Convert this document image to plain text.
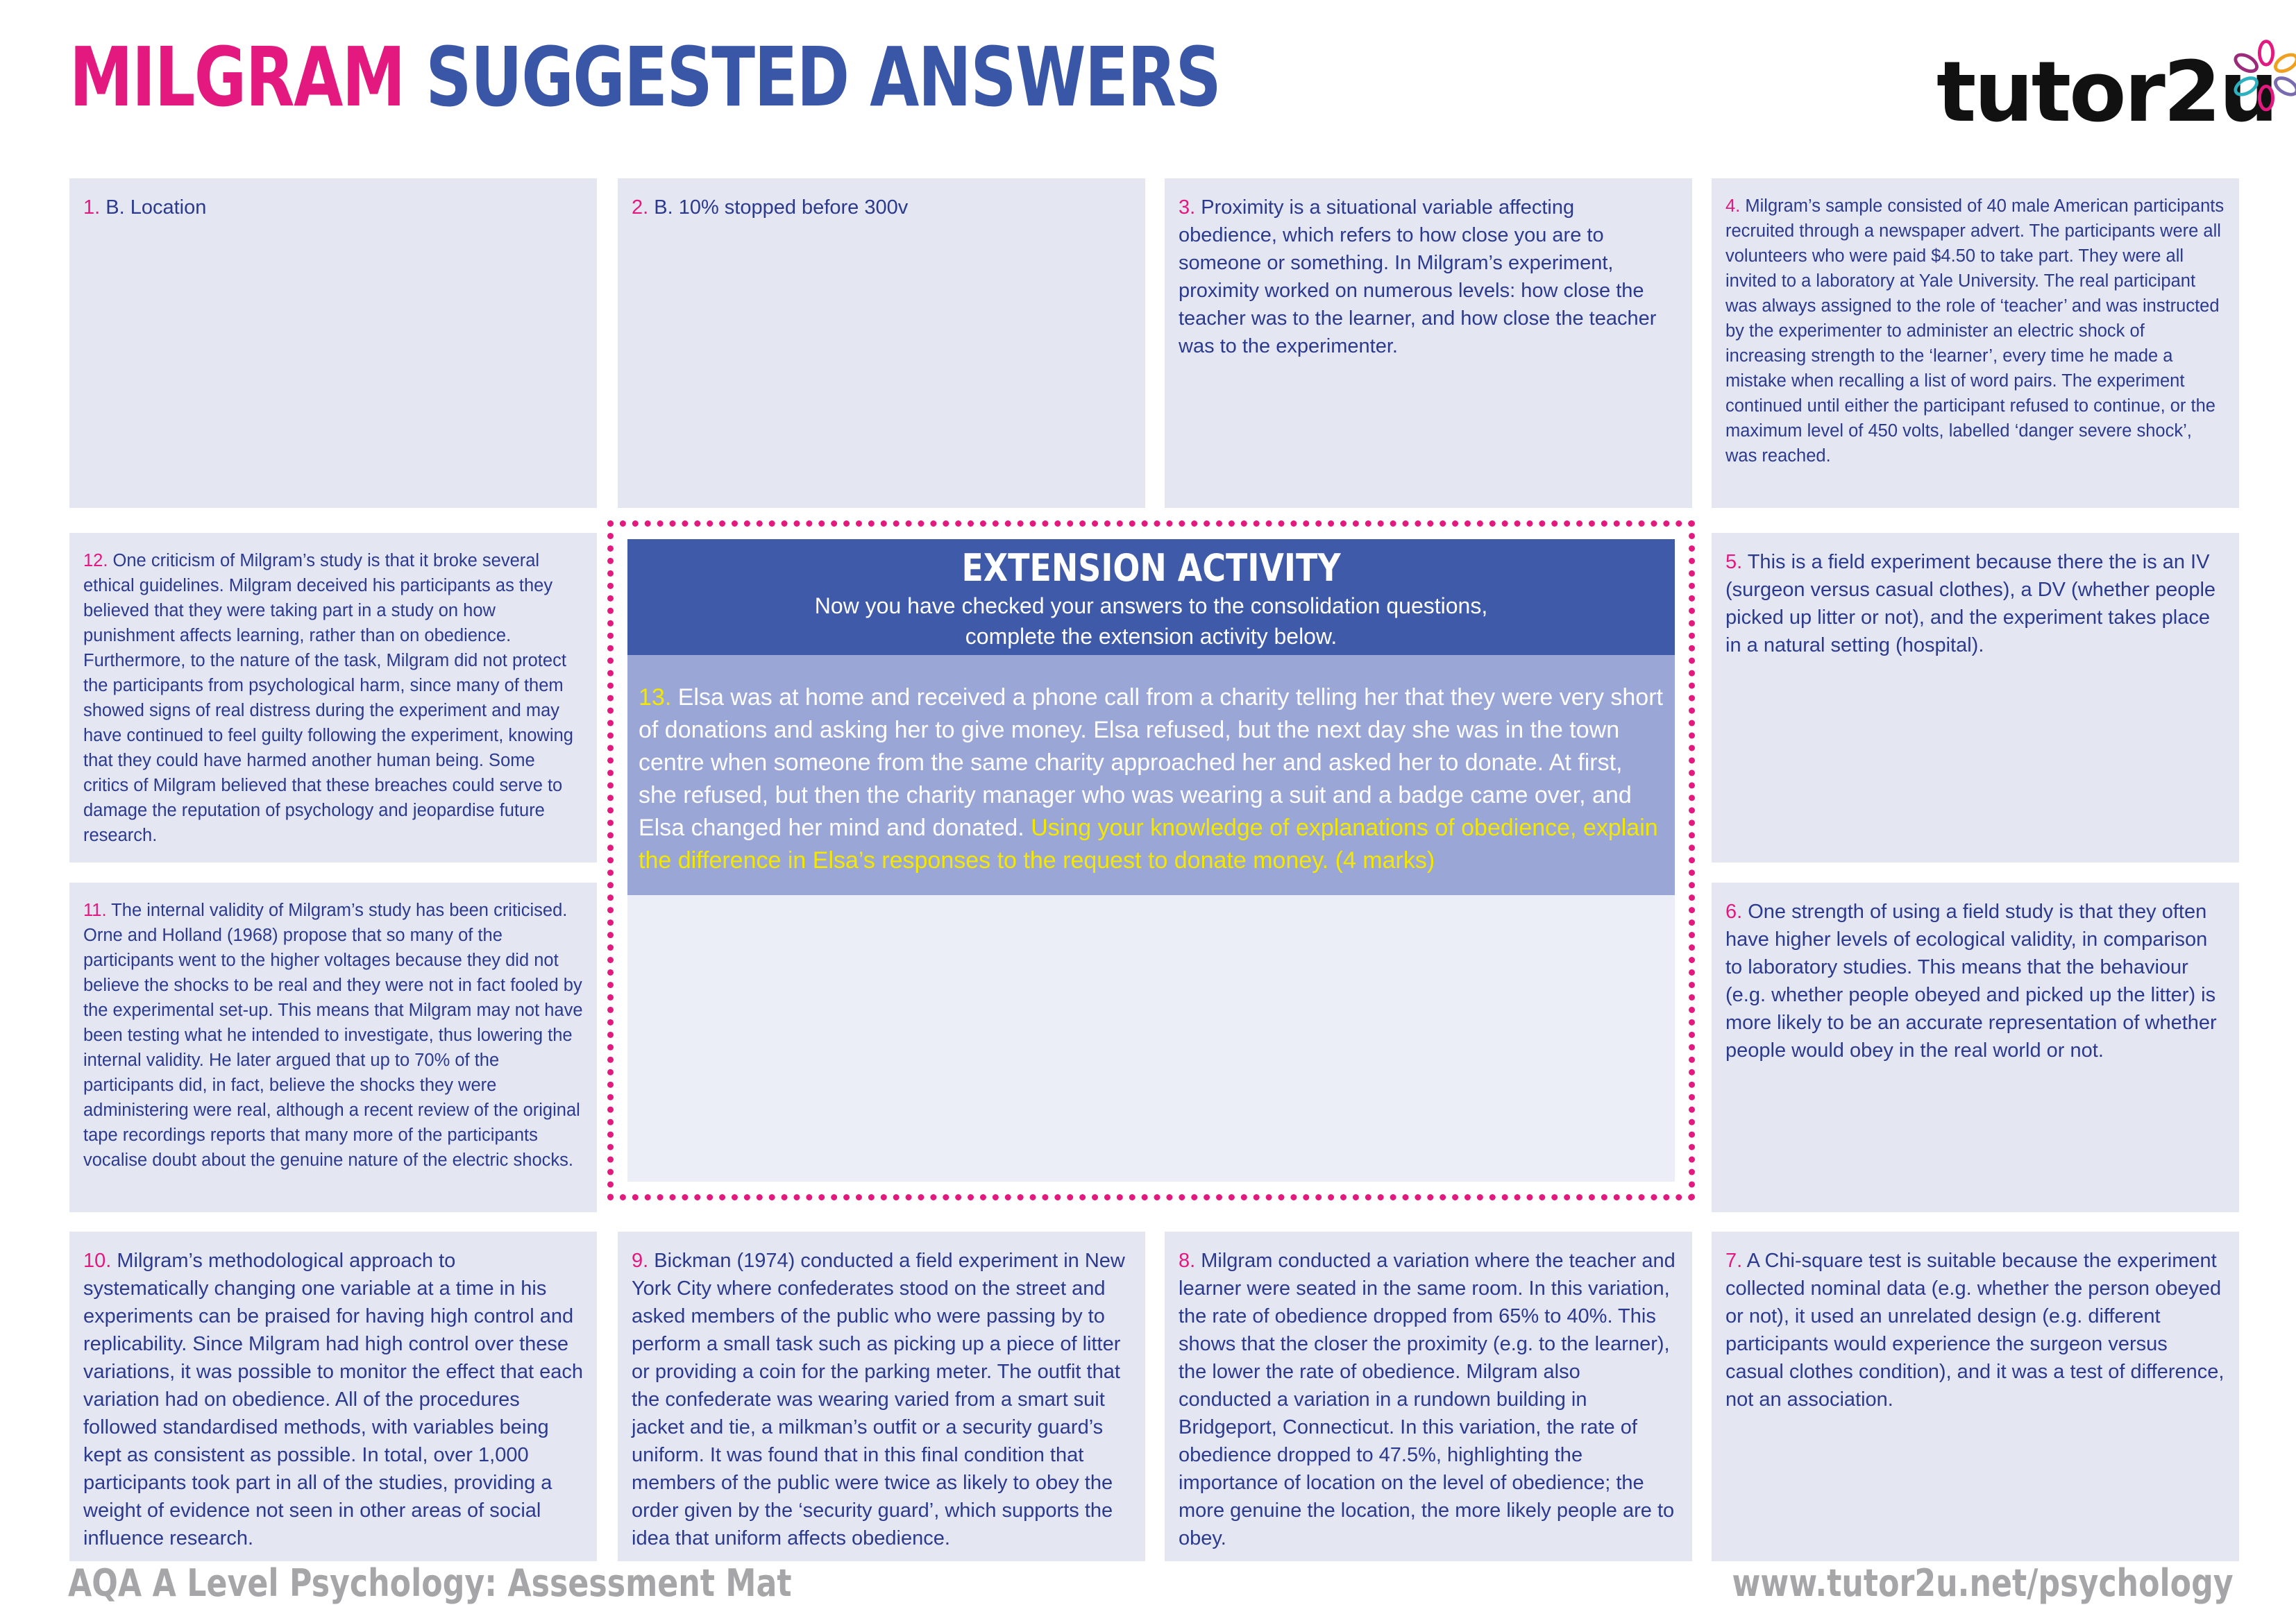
MILGRAM SUGGESTED ANSWERS	tutor2u
1. B. Location	2. B. 10% stopped before 300v	3. Proximity is a situational variable affecting obedience, which refers to how close you are to someone or something. In Milgram’s experiment, proximity worked on numerous levels: how close the teacher was to the learner, and how close the teacher was to the experimenter.
4. Milgram’s sample consisted of 40 male American participants recruited through a newspaper advert. The participants were all volunteers who were paid $4.50 to take part. They were all invited to a laboratory at Yale University. The real participant was always assigned to the role of ‘teacher’ and was instructed by the experimenter to administer an electric shock of increasing strength to the ‘learner’, every time he made a mistake when recalling a list of word pairs. The experiment continued until either the participant refused to continue, or the maximum level of 450 volts, labelled ‘danger severe shock’, was reached.
12. One criticism of Milgram’s study is that it broke several ethical guidelines. Milgram deceived his participants as they believed that they were taking part in a study on how punishment affects learning, rather than on obedience. Furthermore, to the nature of the task, Milgram did not protect the participants from psychological harm, since many of them showed signs of real distress during the experiment and may have continued to feel guilty following the experiment, knowing that they could have harmed another human being. Some critics of Milgram believed that these breaches could serve to damage the reputation of psychology and jeopardise future research.
11. The internal validity of Milgram’s study has been criticised. Orne and Holland (1968) propose that so many of the participants went to the higher voltages because they did not believe the shocks to be real and they were not in fact fooled by the experimental set-up. This means that Milgram may not have been testing what he intended to investigate, thus lowering the internal validity. He later argued that up to 70% of the participants did, in fact, believe the shocks they were administering were real, although a recent review of the original tape recordings reports that many more of the participants vocalise doubt about the genuine nature of the electric shocks.
5. This is a field experiment because there the is an IV (surgeon versus casual clothes), a DV (whether people picked up litter or not), and the experiment takes place in a natural setting (hospital).
6. One strength of using a field study is that they often have higher levels of ecological validity, in comparison to laboratory studies. This means that the behaviour (e.g. whether people obeyed and picked up the litter) is more likely to be an accurate representation of whether people would obey in the real world or not.
10. Milgram’s methodological approach to systematically changing one variable at a time in his experiments can be praised for having high control and replicability. Since Milgram had high control over these variations, it was possible to monitor the effect that each variation had on obedience. All of the procedures followed standardised methods, with variables being kept as consistent as possible. In total, over 1,000 participants took part in all of the studies, providing a weight of evidence not seen in other areas of social influence research.
9. Bickman (1974) conducted a field experiment in New York City where confederates stood on the street and asked members of the public who were passing by to perform a small task such as picking up a piece of litter or providing a coin for the parking meter. The outfit that the confederate was wearing varied from a smart suit jacket and tie, a milkman’s outfit or a security guard’s uniform. It was found that in this final condition that members of the public were twice as likely to obey the order given by the ‘security guard’, which supports the idea that uniform affects obedience.
8. Milgram conducted a variation where the teacher and learner were seated in the same room. In this variation, the rate of obedience dropped from 65% to 40%. This shows that the closer the proximity (e.g. to the learner), the lower the rate of obedience. Milgram also conducted a variation in a rundown building in Bridgeport, Connecticut. In this variation, the rate of obedience dropped to 47.5%, highlighting the importance of location on the level of obedience; the more genuine the location, the more likely people are to obey.
7. A Chi-square test is suitable because the experiment collected nominal data (e.g. whether the person obeyed or not), it used an unrelated design (e.g. different participants would experience the surgeon versus casual clothes condition), and it was a test of difference, not an association.
EXTENSION ACTIVITY
Now you have checked your answers to the consolidation questions,
complete the extension activity below.
13. Elsa was at home and received a phone call from a charity telling her that they were very short of donations and asking her to give money. Elsa refused, but the next day she was in the town centre when someone from the same charity approached her and asked her to donate. At first, she refused, but then the charity manager who was wearing a suit and a badge came over, and Elsa changed her mind and donated. Using your knowledge of explanations of obedience, explain the difference in Elsa’s responses to the request to donate money. (4 marks)
AQA A Level Psychology: Assessment Mat	www.tutor2u.net/psychology
